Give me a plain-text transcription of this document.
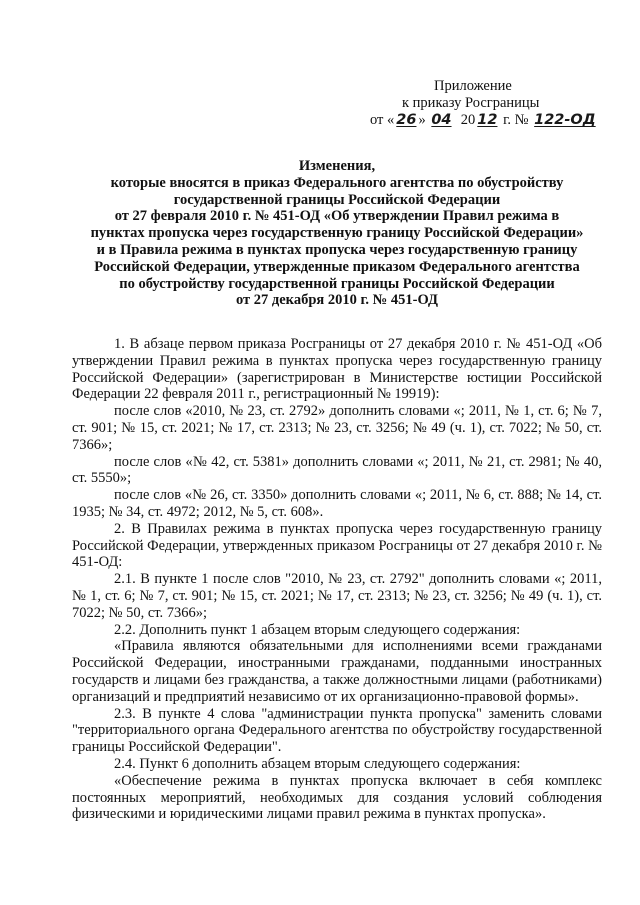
Приложение
к приказу Росграницы
от « 26 » 04 20 12 г. № 122-ОД
Изменения,
которые вносятся в приказ Федерального агентства по обустройству
государственной границы Российской Федерации
от 27 февраля 2010 г. № 451-ОД «Об утверждении Правил режима в
пунктах пропуска через государственную границу Российской Федерации»
и в Правила режима в пунктах пропуска через государственную границу
Российской Федерации, утвержденные приказом Федерального агентства
по обустройству государственной границы Российской Федерации
от 27 декабря 2010 г. № 451-ОД

1. В абзаце первом приказа Росграницы от 27 декабря 2010 г. № 451-ОД «Об утверждении Правил режима в пунктах пропуска через государственную границу Российской Федерации» (зарегистрирован в Министерстве юстиции Российской Федерации 22 февраля 2011 г., регистрационный № 19919):

после слов «2010, № 23, ст. 2792» дополнить словами «; 2011, № 1, ст. 6; № 7, ст. 901; № 15, ст. 2021; № 17, ст. 2313; № 23, ст. 3256; № 49 (ч. 1), ст. 7022; № 50, ст. 7366»;

после слов «№ 42, ст. 5381» дополнить словами «; 2011, № 21, ст. 2981; № 40, ст. 5550»;

после слов «№ 26, ст. 3350» дополнить словами «; 2011, № 6, ст. 888; № 14, ст. 1935; № 34, ст. 4972; 2012, № 5, ст. 608».

2. В Правилах режима в пунктах пропуска через государственную границу Российской Федерации, утвержденных приказом Росграницы от 27 декабря 2010 г. № 451-ОД:

2.1. В пункте 1 после слов "2010, № 23, ст. 2792" дополнить словами «; 2011, № 1, ст. 6; № 7, ст. 901; № 15, ст. 2021; № 17, ст. 2313; № 23, ст. 3256; № 49 (ч. 1), ст. 7022; № 50, ст. 7366»;

2.2. Дополнить пункт 1 абзацем вторым следующего содержания:

«Правила являются обязательными для исполнениями всеми гражданами Российской Федерации, иностранными гражданами, подданными иностранных государств и лицами без гражданства, а также должностными лицами (работниками) организаций и предприятий независимо от их организационно-правовой формы».

2.3. В пункте 4 слова "администрации пункта пропуска" заменить словами "территориального органа Федерального агентства по обустройству государственной границы Российской Федерации".

2.4. Пункт 6 дополнить абзацем вторым следующего содержания:

«Обеспечение режима в пунктах пропуска включает в себя комплекс постоянных мероприятий, необходимых для создания условий соблюдения физическими и юридическими лицами правил режима в пунктах пропуска».
